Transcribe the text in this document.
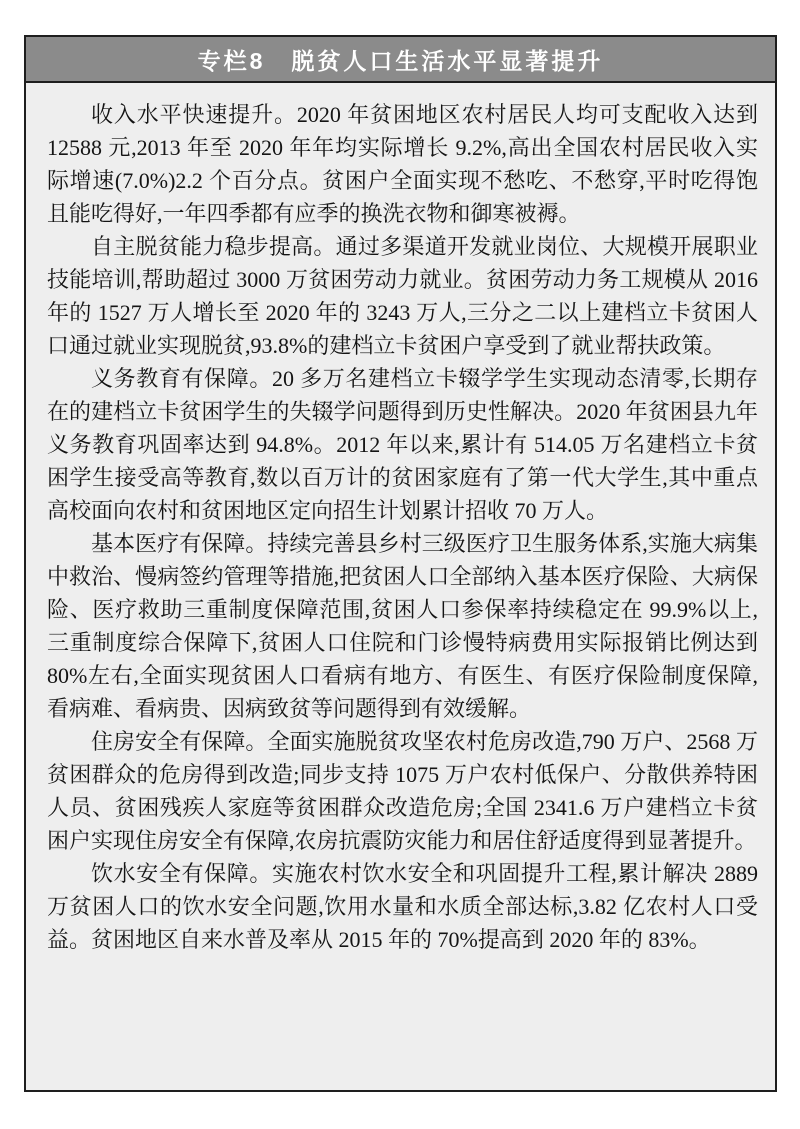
专栏8　脱贫人口生活水平显著提升

收入水平快速提升。2020 年贫困地区农村居民人均可支配收入达到 12588 元,2013 年至 2020 年年均实际增长 9.2%,高出全国农村居民收入实际增速(7.0%)2.2 个百分点。贫困户全面实现不愁吃、不愁穿,平时吃得饱且能吃得好,一年四季都有应季的换洗衣物和御寒被褥。

自主脱贫能力稳步提高。通过多渠道开发就业岗位、大规模开展职业技能培训,帮助超过 3000 万贫困劳动力就业。贫困劳动力务工规模从 2016 年的 1527 万人增长至 2020 年的 3243 万人,三分之二以上建档立卡贫困人口通过就业实现脱贫,93.8%的建档立卡贫困户享受到了就业帮扶政策。

义务教育有保障。20 多万名建档立卡辍学学生实现动态清零,长期存在的建档立卡贫困学生的失辍学问题得到历史性解决。2020 年贫困县九年义务教育巩固率达到 94.8%。2012 年以来,累计有 514.05 万名建档立卡贫困学生接受高等教育,数以百万计的贫困家庭有了第一代大学生,其中重点高校面向农村和贫困地区定向招生计划累计招收 70 万人。

基本医疗有保障。持续完善县乡村三级医疗卫生服务体系,实施大病集中救治、慢病签约管理等措施,把贫困人口全部纳入基本医疗保险、大病保险、医疗救助三重制度保障范围,贫困人口参保率持续稳定在 99.9%以上,三重制度综合保障下,贫困人口住院和门诊慢特病费用实际报销比例达到 80%左右,全面实现贫困人口看病有地方、有医生、有医疗保险制度保障,看病难、看病贵、因病致贫等问题得到有效缓解。

住房安全有保障。全面实施脱贫攻坚农村危房改造,790 万户、2568 万贫困群众的危房得到改造;同步支持 1075 万户农村低保户、分散供养特困人员、贫困残疾人家庭等贫困群众改造危房;全国 2341.6 万户建档立卡贫困户实现住房安全有保障,农房抗震防灾能力和居住舒适度得到显著提升。

饮水安全有保障。实施农村饮水安全和巩固提升工程,累计解决 2889 万贫困人口的饮水安全问题,饮用水量和水质全部达标,3.82 亿农村人口受益。贫困地区自来水普及率从 2015 年的 70%提高到 2020 年的 83%。
